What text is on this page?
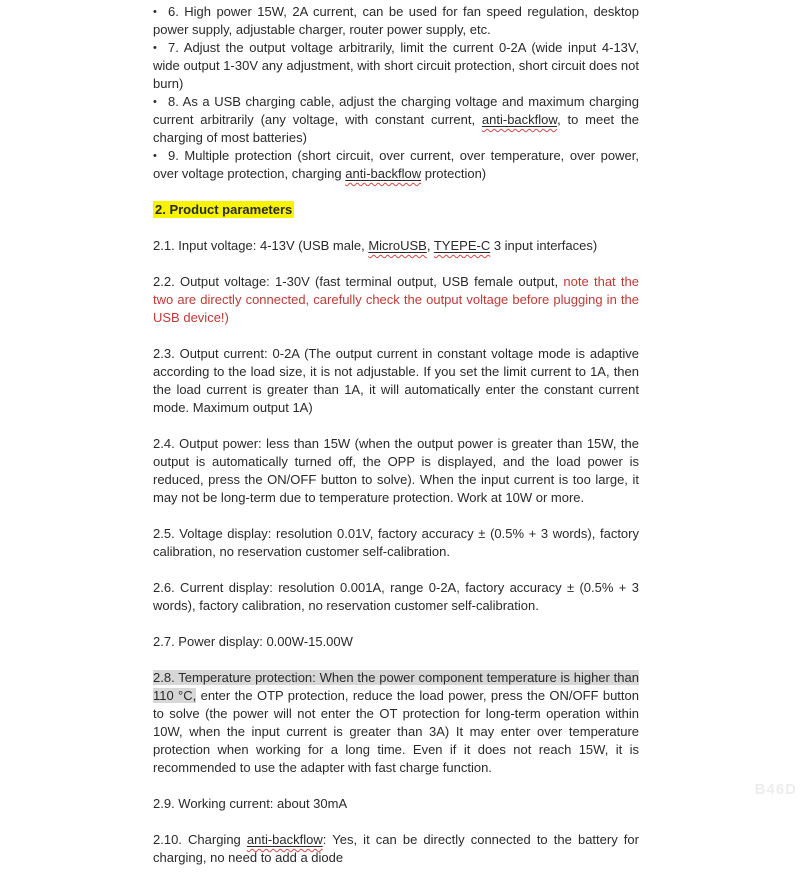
• 6. High power 15W, 2A current, can be used for fan speed regulation, desktop power supply, adjustable charger, router power supply, etc.

• 7. Adjust the output voltage arbitrarily, limit the current 0-2A (wide input 4-13V, wide output 1-30V any adjustment, with short circuit protection, short circuit does not burn)

• 8. As a USB charging cable, adjust the charging voltage and maximum charging current arbitrarily (any voltage, with constant current, anti-backflow, to meet the charging of most batteries)

• 9. Multiple protection (short circuit, over current, over temperature, over power, over voltage protection, charging anti-backflow protection)

2. Product parameters

2.1. Input voltage: 4-13V (USB male, MicroUSB, TYEPE-C 3 input interfaces)

2.2. Output voltage: 1-30V (fast terminal output, USB female output, note that the two are directly connected, carefully check the output voltage before plugging in the USB device!)

2.3. Output current: 0-2A (The output current in constant voltage mode is adaptive according to the load size, it is not adjustable. If you set the limit current to 1A, then the load current is greater than 1A, it will automatically enter the constant current mode. Maximum output 1A)

2.4. Output power: less than 15W (when the output power is greater than 15W, the output is automatically turned off, the OPP is displayed, and the load power is reduced, press the ON/OFF button to solve). When the input current is too large, it may not be long-term due to temperature protection. Work at 10W or more.

2.5. Voltage display: resolution 0.01V, factory accuracy ± (0.5% + 3 words), factory calibration, no reservation customer self-calibration.

2.6. Current display: resolution 0.001A, range 0-2A, factory accuracy ± (0.5% + 3 words), factory calibration, no reservation customer self-calibration.

2.7. Power display: 0.00W-15.00W

2.8. Temperature protection: When the power component temperature is higher than 110 °C, enter the OTP protection, reduce the load power, press the ON/OFF button to solve (the power will not enter the OT protection for long-term operation within 10W, when the input current is greater than 3A) It may enter over temperature protection when working for a long time. Even if it does not reach 15W, it is recommended to use the adapter with fast charge function.

2.9. Working current: about 30mA

2.10. Charging anti-backflow: Yes, it can be directly connected to the battery for charging, no need to add a diode

B46D
